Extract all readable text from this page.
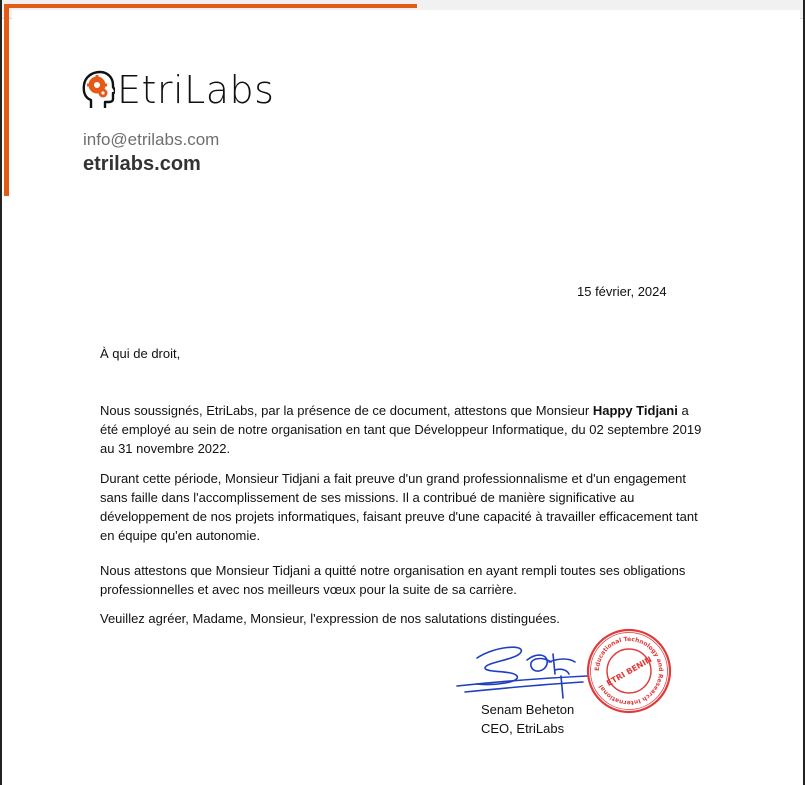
EtriLabs
info@etrilabs.com
etrilabs.com
15 février, 2024

À qui de droit,

Nous soussignés, EtriLabs, par la présence de ce document, attestons que Monsieur Happy Tidjani a été employé au sein de notre organisation en tant que Développeur Informatique, du 02 septembre 2019 au 31 novembre 2022.

Durant cette période, Monsieur Tidjani a fait preuve d'un grand professionnalisme et d'un engagement sans faille dans l'accomplissement de ses missions. Il a contribué de manière significative au développement de nos projets informatiques, faisant preuve d'une capacité à travailler efficacement tant en équipe qu'en autonomie.

Nous attestons que Monsieur Tidjani a quitté notre organisation en ayant rempli toutes ses obligations professionnelles et avec nos meilleurs vœux pour la suite de sa carrière.

Veuillez agréer, Madame, Monsieur, l'expression de nos salutations distinguées.

Educational Technology and Research International ETRI BENIN
Senam Beheton
CEO, EtriLabs
